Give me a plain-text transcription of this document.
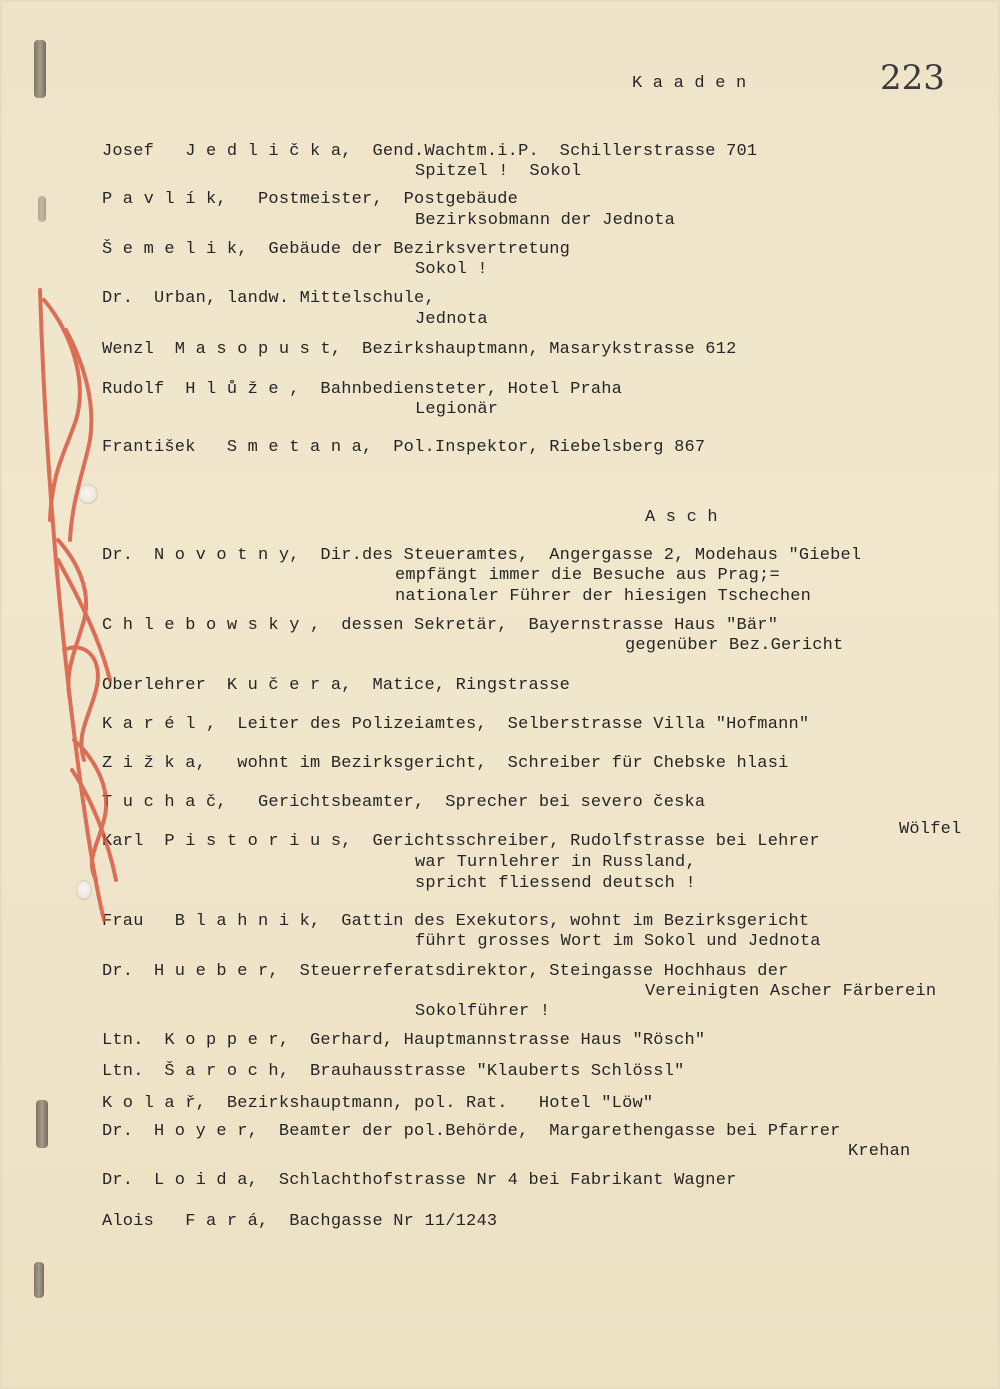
K a a d e n	223
Josef   J e d l i č k a,  Gend.Wachtm.i.P.  Schillerstrasse 701
Spitzel !  Sokol
P a v l í k,   Postmeister,  Postgebäude
Bezirksobmann der Jednota
Š e m e l i k,  Gebäude der Bezirksvertretung
Sokol !
Dr.  Urban, landw. Mittelschule,
Jednota
Wenzl  M a s o p u s t,  Bezirkshauptmann, Masarykstrasse 612
Rudolf  H l ů ž e ,  Bahnbediensteter, Hotel Praha
Legionär
František   S m e t a n a,  Pol.Inspektor, Riebelsberg 867
A s c h
Dr.  N o v o t n y,  Dir.des Steueramtes,  Angergasse 2, Modehaus "Giebel
empfängt immer die Besuche aus Prag;=
nationaler Führer der hiesigen Tschechen
C h l e b o w s k y ,  dessen Sekretär,  Bayernstrasse Haus "Bär"
gegenüber Bez.Gericht
Oberlehrer  K u č e r a,  Matice, Ringstrasse
K a r é l ,  Leiter des Polizeiamtes,  Selberstrasse Villa "Hofmann"
Z i ž k a,   wohnt im Bezirksgericht,  Schreiber für Chebske hlasi
T u c h a č,   Gerichtsbeamter,  Sprecher bei severo česka
Karl  P i s t o r i u s,  Gerichtsschreiber, Rudolfstrasse bei Lehrer
Wölfel
war Turnlehrer in Russland,
spricht fliessend deutsch !
Frau   B l a h n i k,  Gattin des Exekutors, wohnt im Bezirksgericht
führt grosses Wort im Sokol und Jednota
Dr.  H u e b e r,  Steuerreferatsdirektor, Steingasse Hochhaus der
Vereinigten Ascher Färberein
Sokolführer !
Ltn.  K o p p e r,  Gerhard, Hauptmannstrasse Haus "Rösch"
Ltn.  Š a r o c h,  Brauhausstrasse "Klauberts Schlössl"
K o l a ř,  Bezirkshauptmann, pol. Rat.   Hotel "Löw"
Dr.  H o y e r,  Beamter der pol.Behörde,  Margarethengasse bei Pfarrer
Krehan
Dr.  L o i d a,  Schlachthofstrasse Nr 4 bei Fabrikant Wagner
Alois   F a r á,  Bachgasse Nr 11/1243
